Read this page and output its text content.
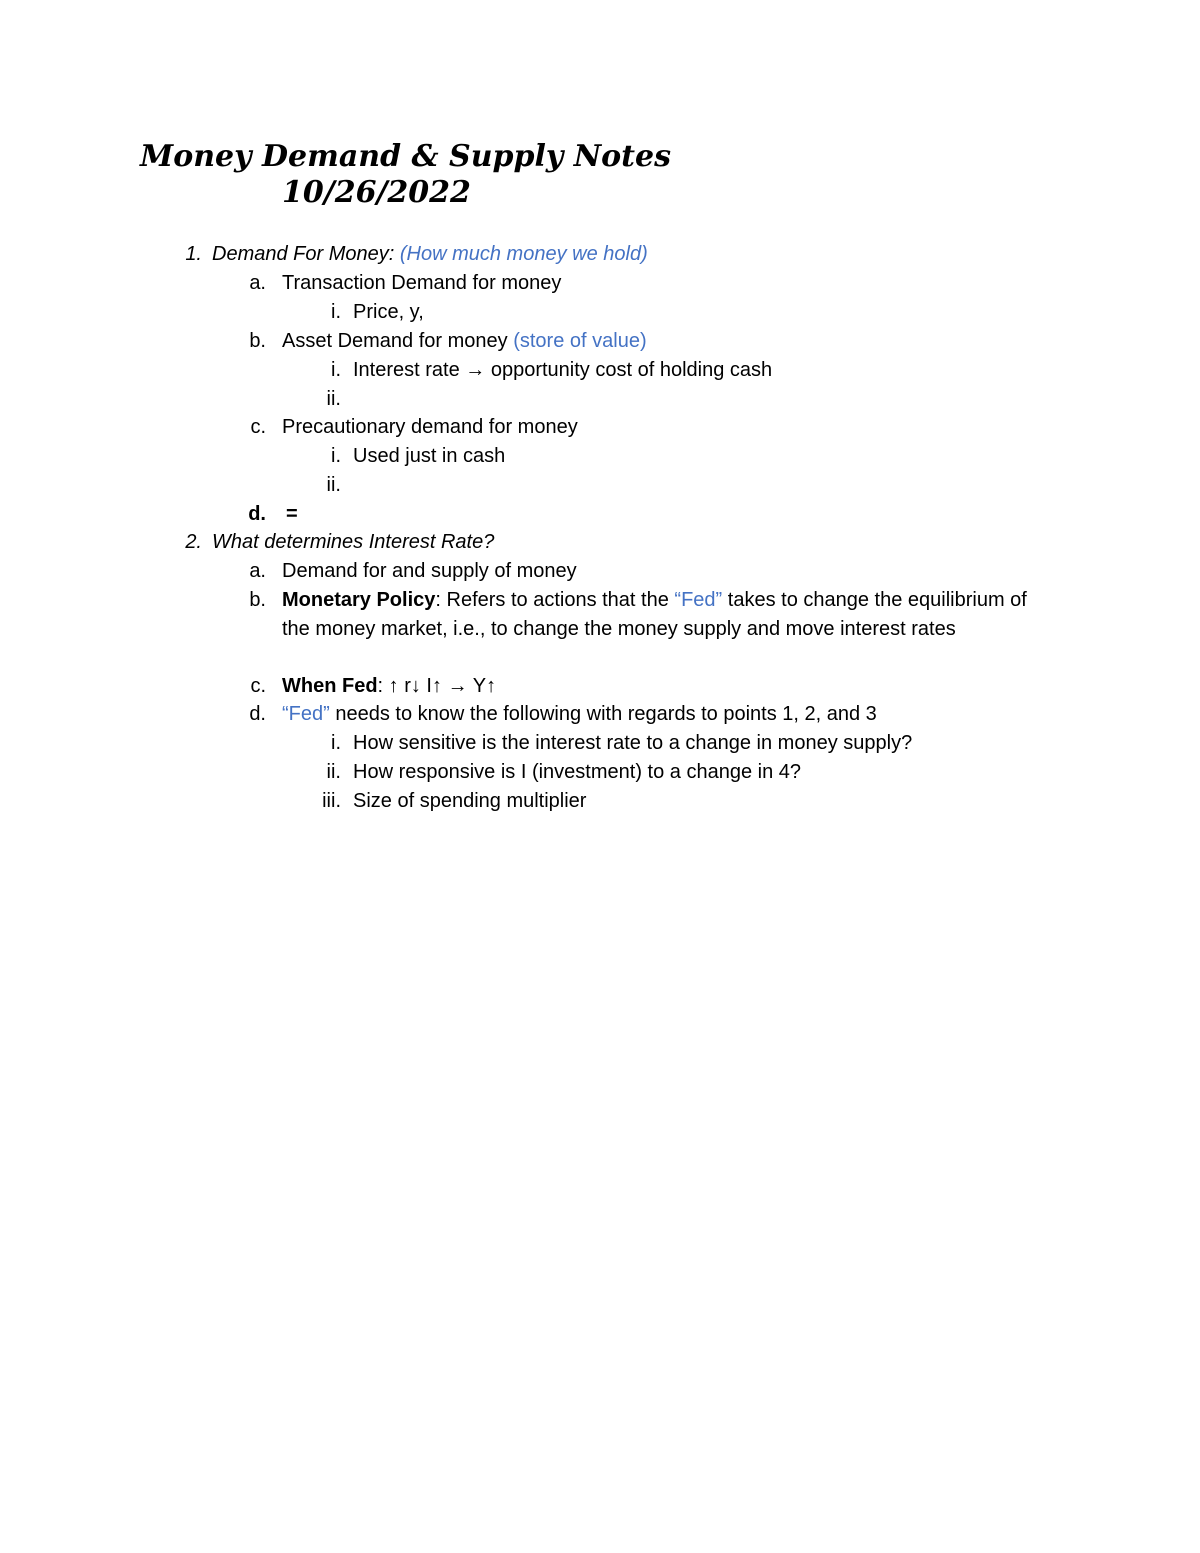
Money Demand & Supply Notes
10/26/2022
1. Demand For Money: (How much money we hold)
a. Transaction Demand for money
i. Price, y,
b. Asset Demand for money (store of value)
i. Interest rate → opportunity cost of holding cash
ii.
c. Precautionary demand for money
i. Used just in cash
ii.
d. =
2. What determines Interest Rate?
a. Demand for and supply of money
b. Monetary Policy: Refers to actions that the “Fed” takes to change the equilibrium of the money market, i.e., to change the money supply and move interest rates
c. When Fed: ↑ r↓ I↑ → Y↑
d. “Fed” needs to know the following with regards to points 1, 2, and 3
i. How sensitive is the interest rate to a change in money supply?
ii. How responsive is I (investment) to a change in 4?
iii. Size of spending multiplier
